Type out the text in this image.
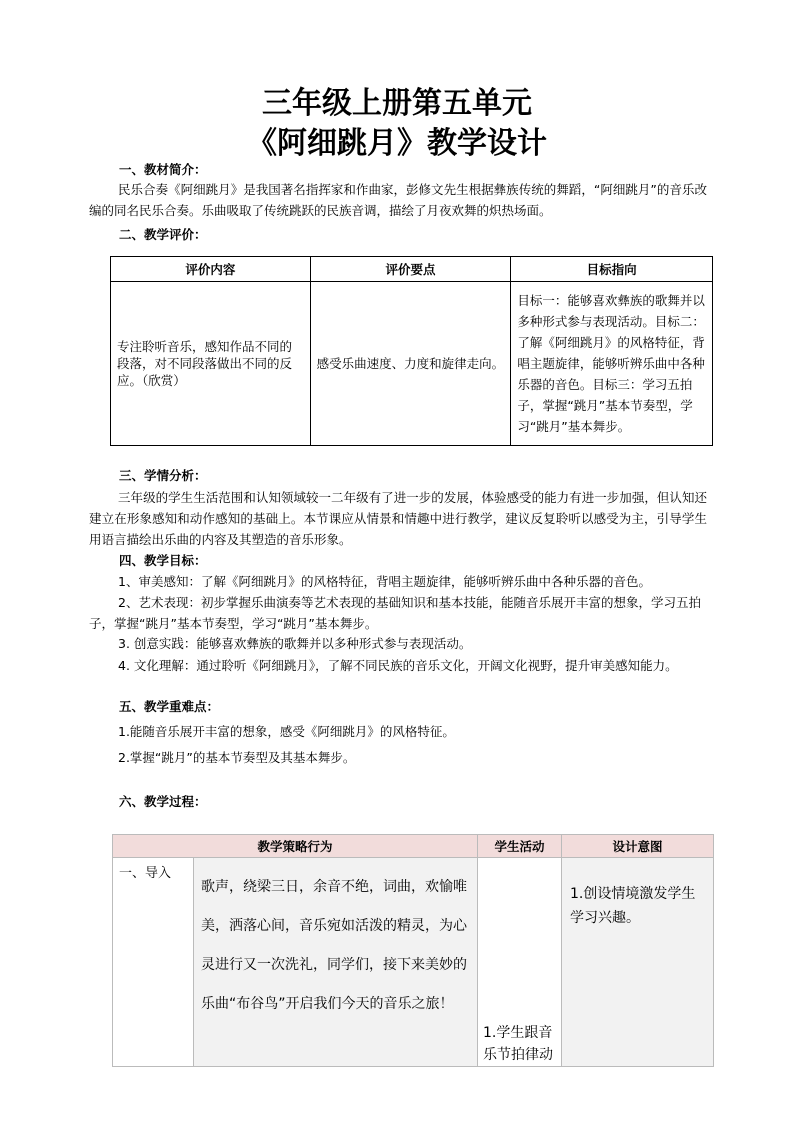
三年级上册第五单元
《阿细跳月》教学设计
一、教材简介：
民乐合奏《阿细跳月》是我国著名指挥家和作曲家，彭修文先生根据彝族传统的舞蹈，“阿细跳月”的音乐改编的同名民乐合奏。乐曲吸取了传统跳跃的民族音调，描绘了月夜欢舞的炽热场面。
二、教学评价：
评价内容	评价要点	目标指向
专注聆听音乐，感知作品不同的段落，对不同段落做出不同的反应。（欣赏）	感受乐曲速度、力度和旋律走向。	目标一：能够喜欢彝族的歌舞并以多种形式参与表现活动。目标二：了解《阿细跳月》的风格特征，背唱主题旋律，能够听辨乐曲中各种乐器的音色。目标三：学习五拍子，掌握“跳月”基本节奏型，学习“跳月”基本舞步。
三、学情分析：
三年级的学生生活范围和认知领域较一二年级有了进一步的发展，体验感受的能力有进一步加强，但认知还建立在形象感知和动作感知的基础上。本节课应从情景和情趣中进行教学，建议反复聆听以感受为主，引导学生用语言描绘出乐曲的内容及其塑造的音乐形象。
四、教学目标：
1、审美感知：了解《阿细跳月》的风格特征，背唱主题旋律，能够听辨乐曲中各种乐器的音色。
2、艺术表现：初步掌握乐曲演奏等艺术表现的基础知识和基本技能，能随音乐展开丰富的想象，学习五拍子，掌握“跳月”基本节奏型，学习“跳月”基本舞步。
3. 创意实践：能够喜欢彝族的歌舞并以多种形式参与表现活动。
4. 文化理解：通过聆听《阿细跳月》，了解不同民族的音乐文化，开阔文化视野，提升审美感知能力。
五、教学重难点：
1.能随音乐展开丰富的想象，感受《阿细跳月》的风格特征。
2.掌握“跳月”的基本节奏型及其基本舞步。
六、教学过程：
教学策略行为		学生活动	设计意图
一、导入	歌声，绕梁三日，余音不绝，词曲，欢愉唯美，洒落心间，音乐宛如活泼的精灵，为心灵进行又一次洗礼，同学们，接下来美妙的乐曲“布谷鸟”开启我们今天的音乐之旅！	1.学生跟音乐节拍律动	1.创设情境激发学生学习兴趣。
